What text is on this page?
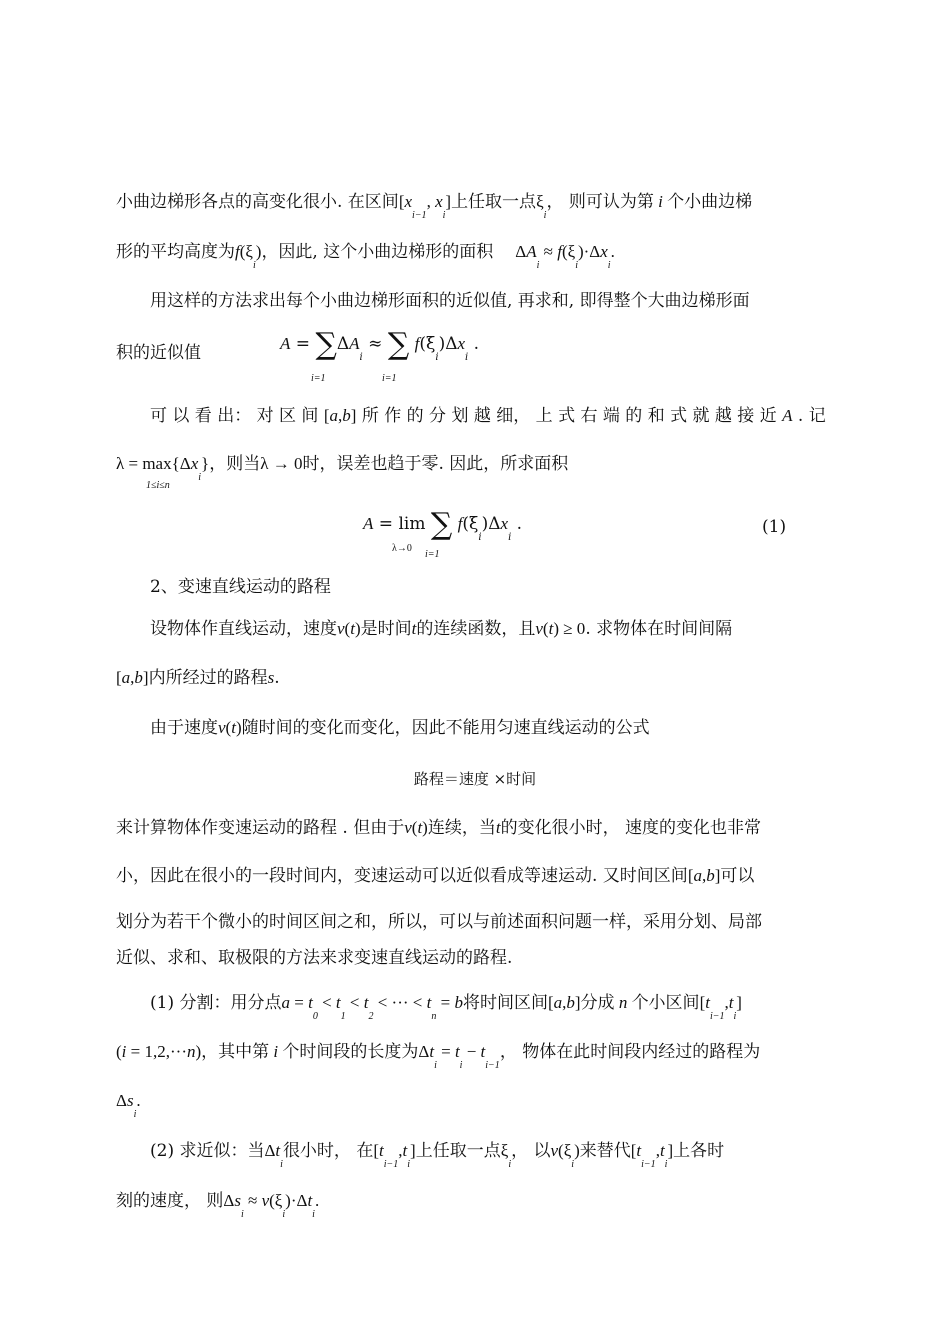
小曲边梯形各点的高变化很小. 在区间[$x_{i-1}$, $x_i$]上任取一点$\xi_i$， 则可认为第 i 个小曲边梯
形的平均高度为$f(\xi_i)$，因此, 这个小曲边梯形的面积 $\Delta A_i \approx f(\xi_i)\cdot\Delta x_i$.
用这样的方法求出每个小曲边梯形面积的近似值, 再求和, 即得整个大曲边梯形面
积的近似值	$A = \sum\Delta A_i$ ≈ ∑ $f(\xi_i)\Delta x_i$ .
i=1	i=1
可 以 看 出： 对 区 间 [a,b] 所 作 的 分 划 越 细， 上 式 右 端 的 和 式 就 越 接 近 A . 记
$\lambda = \max\{\Delta x_i\}$，则当λ → 0时，误差也趋于零. 因此，所求面积
1≤i≤n
A = lim ∑ $f(\xi_i)\Delta x_i$ .
λ→0
i=1
(1)
2、变速直线运动的路程
设物体作直线运动，速度v(t)是时间t的连续函数，且v(t) ≥ 0. 求物体在时间间隔
[a,b]内所经过的路程s.
由于速度v(t)随时间的变化而变化，因此不能用匀速直线运动的公式
路程＝速度 ×时间
来计算物体作变速运动的路程 . 但由于v(t)连续，当t的变化很小时， 速度的变化也非常
小，因此在很小的一段时间内，变速运动可以近似看成等速运动. 又时间区间[a,b]可以
划分为若干个微小的时间区间之和，所以，可以与前述面积问题一样，采用分划、局部
近似、求和、取极限的方法来求变速直线运动的路程.
(1) 分割：用分点$a = t_0 < t_1 < t_2$ < ··· < $t_n = b$将时间区间[a,b]分成 n 个小区间$[t_{i-1},t_i]$
(i = 1,2,···n)，其中第 i 个时间段的长度为$\Delta t_i = t_i - t_{i-1}$， 物体在此时间段内经过的路程为
$\Delta s_i$.
(2) 求近似：当$\Delta t_i$很小时， 在$[t_{i-1},t_i]$上任取一点$\xi_i$， 以$v(\xi_i)$来替代$[t_{i-1},t_i]$上各时
刻的速度， 则$\Delta s_i \approx v(\xi_i)\cdot\Delta t_i$.
